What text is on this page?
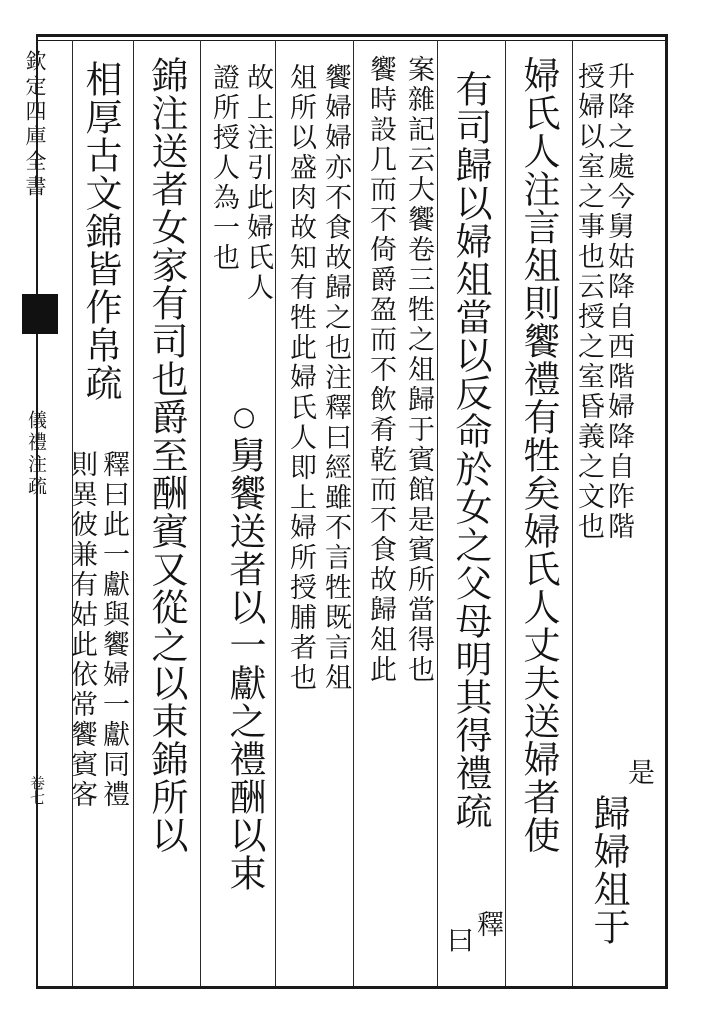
欽定四庫全書
儀禮注疏
卷七
升降之處今舅姑降自西階婦降自阼階
授婦以室之事也云授之室昏義之文也
是
歸婦俎于
婦氏人注言俎則饗禮有牲矣婦氏人丈夫送婦者使
有司歸以婦俎當以反命於女之父母明其得禮疏
釋
曰
案雜記云大饗卷三牲之俎歸于賓館是賓所當得也
饗時設几而不倚爵盈而不飲肴乾而不食故歸俎此
饗婦婦亦不食故歸之也注釋曰經雖不言牲既言俎
俎所以盛肉故知有牲此婦氏人即上婦所授脯者也
故上注引此婦氏人
證所授人為一也
○
舅饗送者以一獻之禮酬以束
錦注送者女家有司也爵至酬賓又從之以束錦所以
相厚古文錦皆作帛疏
釋曰此一獻與饗婦一獻同禮
則異彼兼有姑此依常饗賓客
